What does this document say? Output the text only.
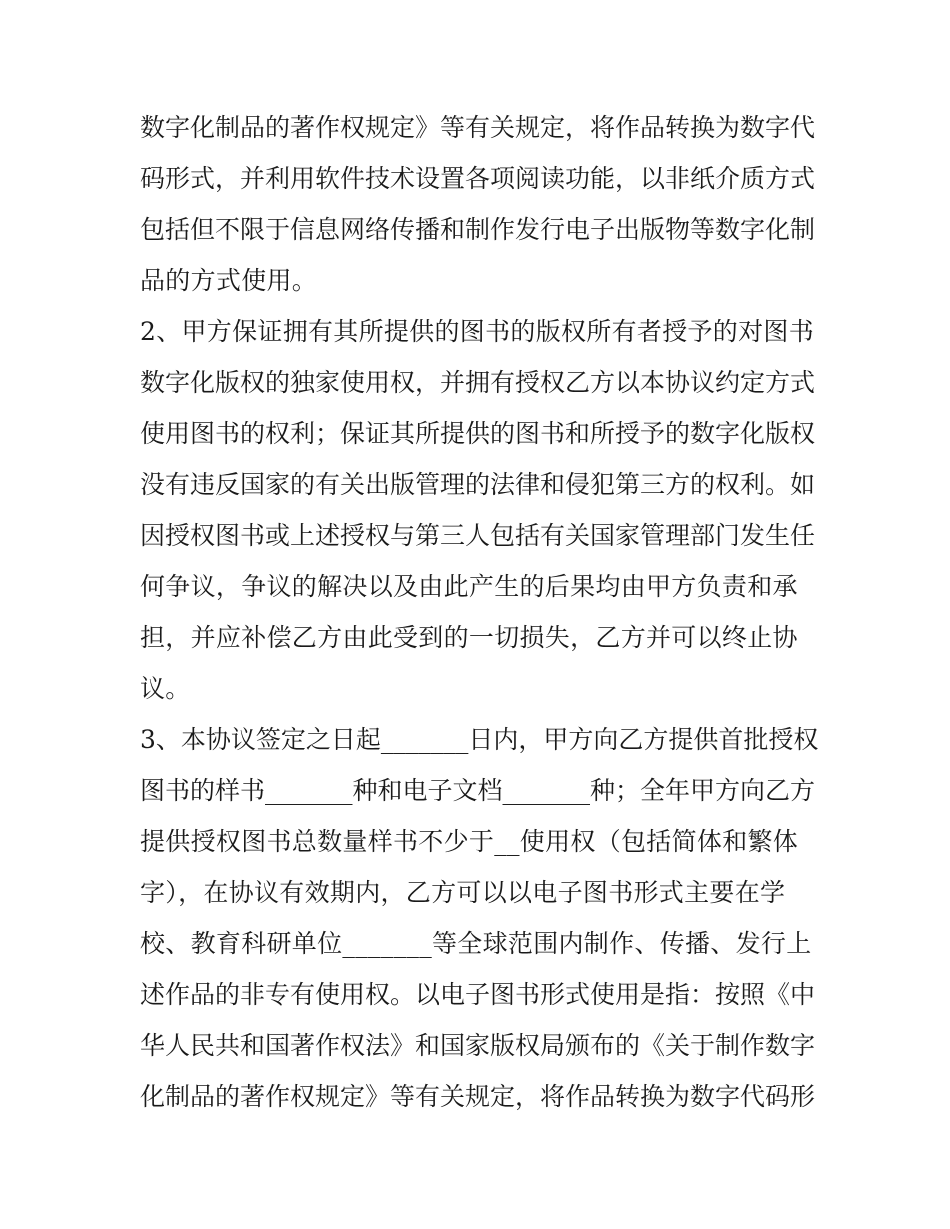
数字化制品的著作权规定》等有关规定，将作品转换为数字代
码形式，并利用软件技术设置各项阅读功能，以非纸介质方式
包括但不限于信息网络传播和制作发行电子出版物等数字化制
品的方式使用。
2、甲方保证拥有其所提供的图书的版权所有者授予的对图书
数字化版权的独家使用权，并拥有授权乙方以本协议约定方式
使用图书的权利；保证其所提供的图书和所授予的数字化版权
没有违反国家的有关出版管理的法律和侵犯第三方的权利。如
因授权图书或上述授权与第三人包括有关国家管理部门发生任
何争议，争议的解决以及由此产生的后果均由甲方负责和承
担，并应补偿乙方由此受到的一切损失，乙方并可以终止协
议。
3、本协议签定之日起_______日内，甲方向乙方提供首批授权
图书的样书_______种和电子文档_______种；全年甲方向乙方
提供授权图书总数量样书不少于__使用权（包括简体和繁体
字），在协议有效期内，乙方可以以电子图书形式主要在学
校、教育科研单位_______等全球范围内制作、传播、发行上
述作品的非专有使用权。以电子图书形式使用是指：按照《中
华人民共和国著作权法》和国家版权局颁布的《关于制作数字
化制品的著作权规定》等有关规定，将作品转换为数字代码形
